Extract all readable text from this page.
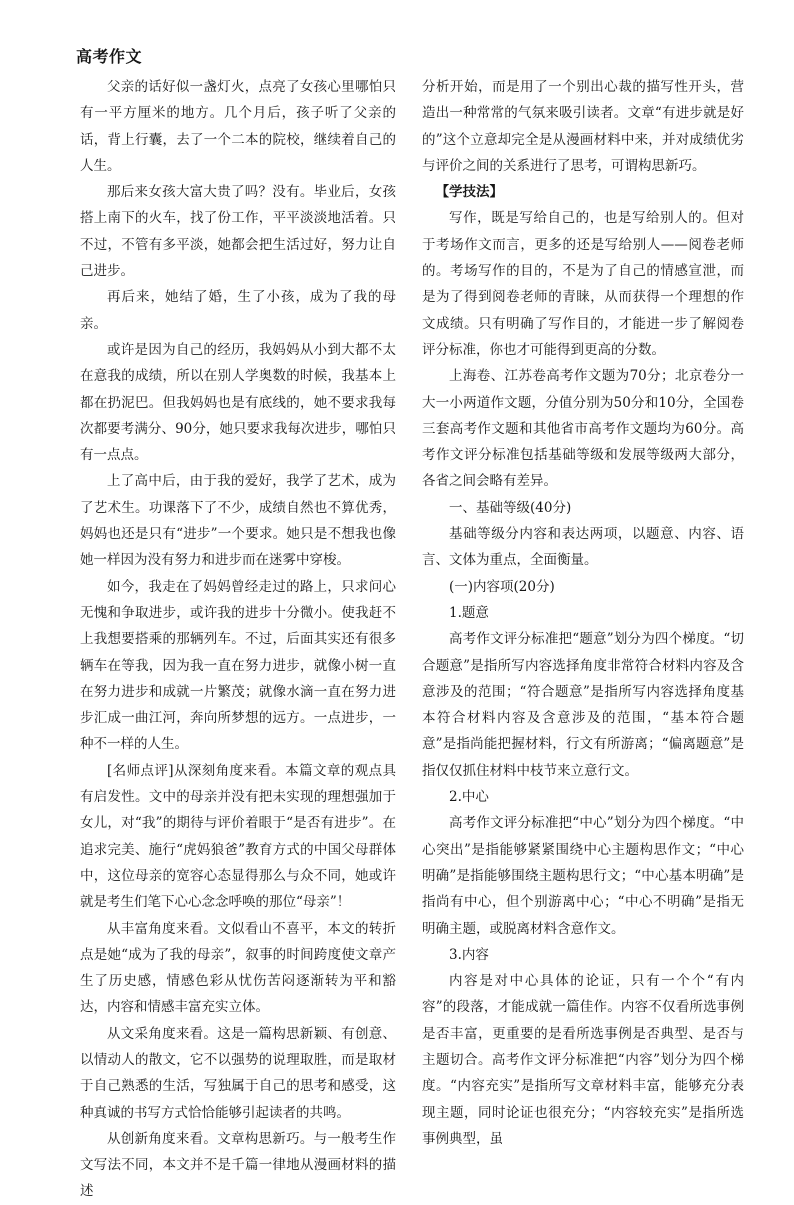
高考作文

父亲的话好似一盏灯火，点亮了女孩心里哪怕只有一平方厘米的地方。几个月后，孩子听了父亲的话，背上行囊，去了一个二本的院校，继续着自己的人生。

那后来女孩大富大贵了吗？没有。毕业后，女孩搭上南下的火车，找了份工作，平平淡淡地活着。只不过，不管有多平淡，她都会把生活过好，努力让自己进步。

再后来，她结了婚，生了小孩，成为了我的母亲。

或许是因为自己的经历，我妈妈从小到大都不太在意我的成绩，所以在别人学奥数的时候，我基本上都在扔泥巴。但我妈妈也是有底线的，她不要求我每次都要考满分、90分，她只要求我每次进步，哪怕只有一点点。

上了高中后，由于我的爱好，我学了艺术，成为了艺术生。功课落下了不少，成绩自然也不算优秀，妈妈也还是只有“进步”一个要求。她只是不想我也像她一样因为没有努力和进步而在迷雾中穿梭。

如今，我走在了妈妈曾经走过的路上，只求问心无愧和争取进步，或许我的进步十分微小。使我赶不上我想要搭乘的那辆列车。不过，后面其实还有很多辆车在等我，因为我一直在努力进步，就像小树一直在努力进步和成就一片繁茂；就像水滴一直在努力进步汇成一曲江河，奔向所梦想的远方。一点进步，一种不一样的人生。

[名师点评]从深刻角度来看。本篇文章的观点具有启发性。文中的母亲并没有把未实现的理想强加于女儿，对“我”的期待与评价着眼于“是否有进步”。在追求完美、施行“虎妈狼爸”教育方式的中国父母群体中，这位母亲的宽容心态显得那么与众不同，她或许就是考生们笔下心心念念呼唤的那位“母亲”！

从丰富角度来看。文似看山不喜平，本文的转折点是她“成为了我的母亲”，叙事的时间跨度使文章产生了历史感，情感色彩从忧伤苦闷逐渐转为平和豁达，内容和情感丰富充实立体。

从文采角度来看。这是一篇构思新颖、有创意、以情动人的散文，它不以强势的说理取胜，而是取材于自己熟悉的生活，写独属于自己的思考和感受，这种真诚的书写方式恰恰能够引起读者的共鸣。

从创新角度来看。文章构思新巧。与一般考生作文写法不同，本文并不是千篇一律地从漫画材料的描述

分析开始，而是用了一个别出心裁的描写性开头，营造出一种常常的气氛来吸引读者。文章“有进步就是好的”这个立意却完全是从漫画材料中来，并对成绩优劣与评价之间的关系进行了思考，可谓构思新巧。

【学技法】

写作，既是写给自己的，也是写给别人的。但对于考场作文而言，更多的还是写给别人——阅卷老师的。考场写作的目的，不是为了自己的情感宣泄，而是为了得到阅卷老师的青睐，从而获得一个理想的作文成绩。只有明确了写作目的，才能进一步了解阅卷评分标准，你也才可能得到更高的分数。

上海卷、江苏卷高考作文题为70分；北京卷分一大一小两道作文题，分值分别为50分和10分，全国卷三套高考作文题和其他省市高考作文题均为60分。高考作文评分标准包括基础等级和发展等级两大部分，各省之间会略有差异。

一、基础等级(40分)

基础等级分内容和表达两项，以题意、内容、语言、文体为重点，全面衡量。

(一)内容项(20分)

1.题意

高考作文评分标准把“题意”划分为四个梯度。“切合题意”是指所写内容选择角度非常符合材料内容及含意涉及的范围；“符合题意”是指所写内容选择角度基本符合材料内容及含意涉及的范围，“基本符合题意”是指尚能把握材料，行文有所游离；“偏离题意”是指仅仅抓住材料中枝节来立意行文。

2.中心

高考作文评分标准把“中心”划分为四个梯度。“中心突出”是指能够紧紧围绕中心主题构思作文；“中心明确”是指能够围绕主题构思行文；“中心基本明确”是指尚有中心，但个别游离中心；“中心不明确”是指无明确主题，或脱离材料含意作文。

3.内容

内容是对中心具体的论证，只有一个个“有内容”的段落，才能成就一篇佳作。内容不仅看所选事例是否丰富，更重要的是看所选事例是否典型、是否与主题切合。高考作文评分标准把“内容”划分为四个梯度。“内容充实”是指所写文章材料丰富，能够充分表现主题，同时论证也很充分；“内容较充实”是指所选事例典型，虽
